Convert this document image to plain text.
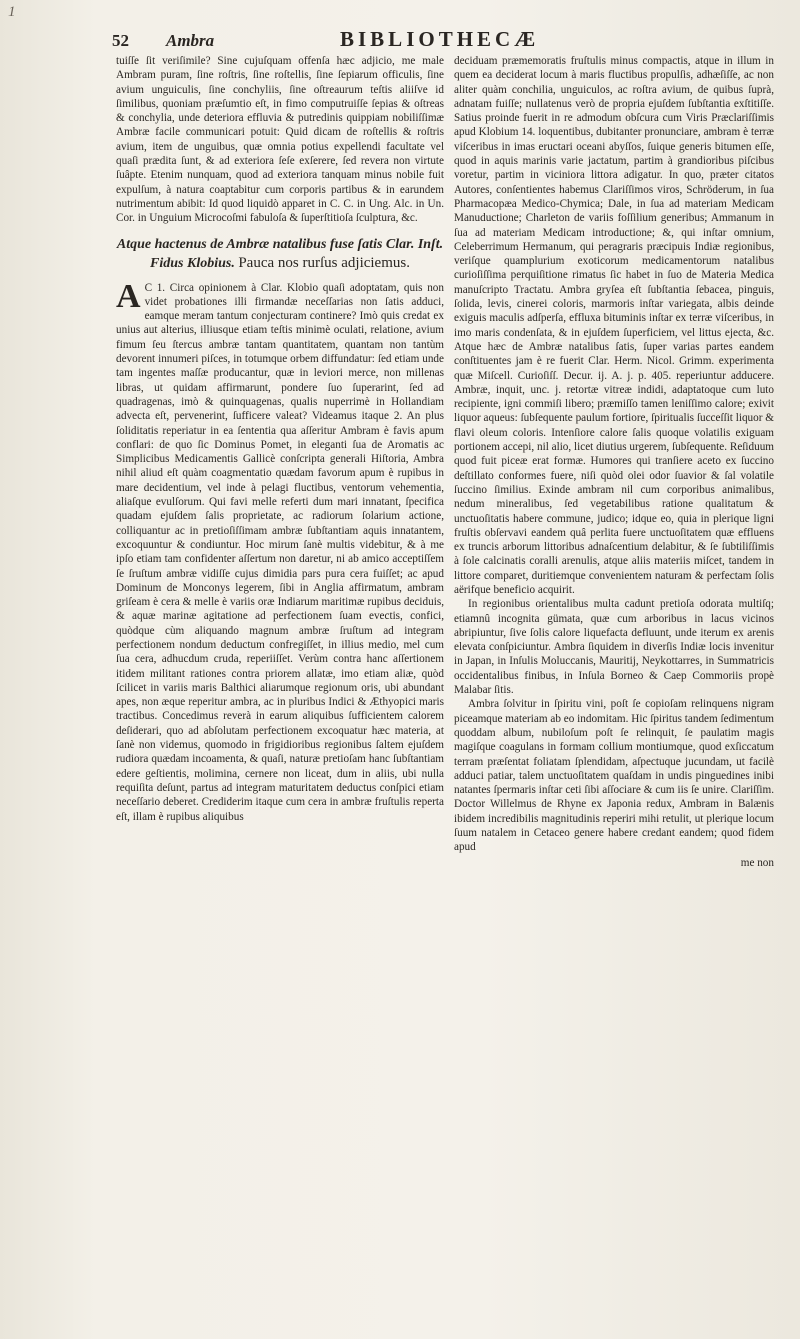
1
52 Ambra	BIBLIOTHECÆ

tuiſſe ſit veriſimile? Sine cujuſquam offenſa hæc adjicio, me male Ambram puram, ſine roſtris, ſine roſtellis, ſine ſepiarum officulis, ſine avium unguiculis, ſine conchyliis, ſine oſtreaurum teſtis aliiſve id ſimilibus, quoniam præſumtio eſt, in fimo computruiſſe ſepias & oſtreas & conchylia, unde deteriora effluvia & putredinis quippiam nobiliſſimæ Ambræ facile communicari potuit: Quid dicam de roſtellis & roſtris avium, item de unguibus, quæ omnia potius expellendi facultate vel quaſi prædita ſunt, & ad exteriora ſeſe exſerere, ſed revera non virtute ſuâpte. Etenim nunquam, quod ad exteriora tanquam minus nobile fuit expulſum, à natura coaptabitur cum corporis partibus & in earundem nutrimentum abibit: Id quod liquidò apparet in C. C. in Ung. Alc. in Un. Cor. in Unguium Microcoſmi fabuloſa & ſuperſtitioſa ſculptura, &c.

Atque hactenus de Ambræ natalibus fuse ſatis Clar. Inſt. Fidus Klobius. Pauca nos rurſus adjiciemus.

A C 1. Circa opinionem à Clar. Klobio quaſi adoptatam, quis non videt probationes illi firmandæ neceſſarias non ſatis adduci, eamque meram tantum conjecturam continere? Imò quis credat ex unius aut alterius, illiusque etiam teſtis minimè oculati, relatione, avium fimum ſeu ſtercus ambræ tantam quantitatem, quantam non tantùm devorent innumeri piſces, in totumque orbem diffundatur: ſed etiam unde tam ingentes maſſæ producantur, quæ in leviori merce, non millenas libras, ut quidam affirmarunt, pondere ſuo ſuperarint, ſed ad quadragenas, imò & quinquagenas, qualis nuperrimè in Hollandiam advecta eſt, pervenerint, ſufficere valeat? Videamus itaque 2. An plus ſoliditatis reperiatur in ea ſententia qua aſſeritur Ambram è favis apum conflari: de quo ſic Dominus Pomet, in eleganti ſua de Aromatis ac Simplicibus Medicamentis Gallicè conſcripta generali Hiſtoria, Ambra nihil aliud eſt quàm coagmentatio quædam favorum apum è rupibus in mare decidentium, vel inde à pelagi fluctibus, ventorum vehementia, aliaſque evulſorum. Qui favi melle referti dum mari innatant, ſpecifica quadam ejuſdem ſalis proprietate, ac radiorum ſolarium actione, colliquantur ac in pretioſiſſimam ambræ ſubſtantiam aquis innatantem, excoquuntur & condiuntur. Hoc mirum ſanè multis videbitur, & à me ipſo etiam tam confidenter aſſertum non daretur, ni ab amico acceptiſſem ſe ſruſtum ambræ vidiſſe cujus dimidia pars pura cera fuiſſet; ac apud Dominum de Monconys legerem, ſibi in Anglia affirmatum, ambram griſeam è cera & melle è variis oræ Indiarum maritimæ rupibus deciduis, & aquæ marinæ agitatione ad perfectionem ſuam evectis, confici, quòdque cùm aliquando magnum ambræ ſruſtum ad integram perfectionem nondum deductum confregiſſet, in illius medio, mel cum ſua cera, adhucdum cruda, reperiiſſet. Verùm contra hanc aſſertionem itidem militant rationes contra priorem allatæ, imo etiam aliæ, quòd ſcilicet in variis maris Balthici aliarumque regionum oris, ubi abundant apes, non æque reperitur ambra, ac in pluribus Indici & Æthyopici maris tractibus. Concedimus reverà in earum aliquibus ſufficientem calorem deſiderari, quo ad abſolutam perfectionem excoquatur hæc materia, at ſanè non videmus, quomodo in frigidioribus regionibus ſaltem ejuſdem rudiora quædam incoamenta, & quaſi, naturæ pretioſam hanc ſubſtantiam edere geſtientis, molimina, cernere non liceat, dum in aliis, ubi nulla requiſita deſunt, partus ad integram maturitatem deductus conſpici etiam neceſſario deberet. Crediderim itaque cum cera in ambræ fruſtulis reperta eſt, illam è rupibus aliquibus

deciduam præmemoratis fruſtulis minus compactis, atque in illum in quem ea deciderat locum à maris fluctibus propulſis, adhæſiſſe, ac non aliter quàm conchilia, unguiculos, ac roſtra avium, de quibus ſuprà, adnatam fuiſſe; nullatenus verò de propria ejuſdem ſubſtantia exſtitiſſe. Satius proinde fuerit in re admodum obſcura cum Viris Præclariſſimis apud Klobium 14. loquentibus, dubitanter pronunciare, ambram è terræ viſceribus in imas eructari oceani abyſſos, ſuique generis bitumen eſſe, quod in aquis marinis varie jactatum, partim à grandioribus piſcibus voretur, partim in viciniora littora adigatur. In quo, præter citatos Autores, conſentientes habemus Clariſſimos viros, Schröderum, in ſua Pharmacopæa Medico-Chymica; Dale, in ſua ad materiam Medicam Manuductione; Charleton de variis foſſilium generibus; Ammanum in ſua ad materiam Medicam introductione; &, qui inſtar omnium, Celeberrimum Hermanum, qui peragraris præcipuis Indiæ regionibus, veriſque quamplurium exoticorum medicamentorum natalibus curioſiſſima perquiſitione rimatus ſic habet in ſuo de Materia Medica manuſcripto Tractatu. Ambra gryſea eſt ſubſtantia ſebacea, pinguis, ſolida, levis, cinerei coloris, marmoris inſtar variegata, albis deinde exiguis maculis adſperſa, effluxa bituminis inſtar ex terræ viſceribus, in imo maris condenſata, & in ejuſdem ſuperficiem, vel littus ejecta, &c. Atque hæc de Ambræ natalibus ſatis, ſuper varias partes eandem conſtituentes jam è re fuerit Clar. Herm. Nicol. Grimm. experimenta quæ Miſcell. Curioſiſſ. Decur. ij. A. j. p. 405. reperiuntur adducere. Ambræ, inquit, unc. j. retortæ vitreæ indidi, adaptatoque cum luto recipiente, igni commiſi libero; præmiſſo tamen leniſſimo calore; exivit liquor aqueus: ſubſequente paulum fortiore, ſpiritualis ſucceſſit liquor & flavi oleum coloris. Intenſiore calore ſalis quoque volatilis exiguam portionem accepi, nil alio, licet diutius urgerem, ſubſequente. Reſiduum quod fuit piceæ erat formæ. Humores qui tranſiere aceto ex ſuccino deſtillato conformes fuere, niſi quòd olei odor ſuavior & ſal volatile ſuccino ſimilius. Exinde ambram nil cum corporibus animalibus, nedum mineralibus, ſed vegetabilibus ratione qualitatum & unctuoſitatis habere commune, judico; idque eo, quia in plerique ligni fruſtis obſervavi eandem quâ perlita fuere unctuoſitatem quæ effluens ex truncis arborum littoribus adnaſcentium delabitur, & ſe ſubtiliſſimis à ſole calcinatis coralli arenulis, atque aliis materiis miſcet, tandem in littore comparet, duritiemque convenientem naturam & perfectam ſolis aërifque beneficio acquirit.

In regionibus orientalibus multa cadunt pretioſa odorata multiſq; etiamnû incognita gümata, quæ cum arboribus in lacus vicinos abripiuntur, ſive ſolis calore liquefacta defluunt, unde iterum ex arenis elevata conſpiciuntur. Ambra ſiquidem in diverſis Indiæ locis invenitur in Japan, in Inſulis Moluccanis, Mauritij, Neykottarres, in Summatricis occidentalibus finibus, in Inſula Borneo & Caep Commoriis propè Malabar ſitis.

Ambra ſolvitur in ſpiritu vini, poſt ſe copioſam relinquens nigram piceamque materiam ab eo indomitam. Hic ſpiritus tandem ſedimentum quoddam album, nubiloſum poſt ſe relinquit, ſe paulatim magis magiſque coagulans in formam collium montiumque, quod exſiccatum terram præſentat foliatam ſplendidam, aſpectuque jucundam, ut facilè adduci patiar, talem unctuoſitatem quaſdam in undis pinguedines inibi natantes ſpermaris inſtar ceti ſibi aſſociare & cum iis ſe unire. Clariſſim. Doctor Willelmus de Rhyne ex Japonia redux, Ambram in Balænis ibidem incredibilis magnitudinis reperiri mihi retulit, ut plerique locum ſuum natalem in Cetaceo genere habere credant eandem; quod fidem apud

me non
